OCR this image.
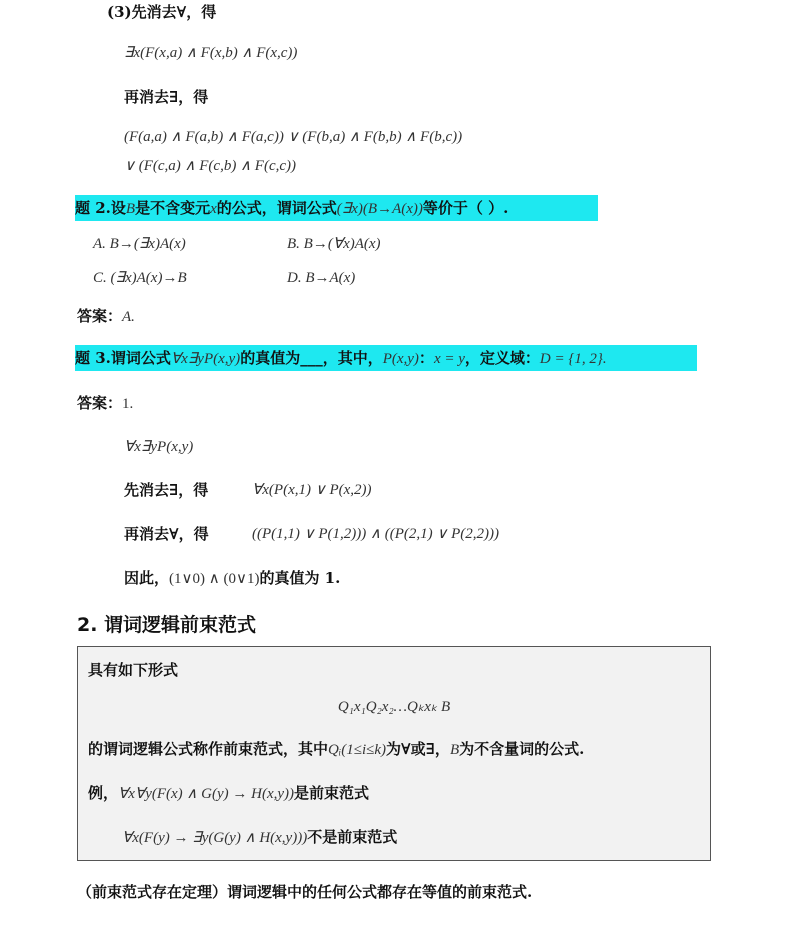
(3)先消去∀，得
∃x(F(x,a) ∧ F(x,b) ∧ F(x,c))
再消去∃，得
(F(a,a) ∧ F(a,b) ∧ F(a,c)) ∨ (F(b,a) ∧ F(b,b) ∧ F(b,c))
∨ (F(c,a) ∧ F(c,b) ∧ F(c,c))
题 2.设B是不含变元x的公式，谓词公式(∃x)(B→A(x))等价于（ ）.
A. B→(∃x)A(x)	B. B→(∀x)A(x)
C. (∃x)A(x)→B	D. B→A(x)
答案：A.
题 3.谓词公式∀x∃yP(x,y)的真值为___，其中，P(x,y)：x = y，定义域：D = {1, 2}.
答案：1.
∀x∃yP(x,y)
先消去∃，得	∀x(P(x,1) ∨ P(x,2))
再消去∀，得	((P(1,1) ∨ P(1,2))) ∧ ((P(2,1) ∨ P(2,2)))
因此，(1∨0) ∧ (0∨1)的真值为 1.
2. 谓词逻辑前束范式
具有如下形式
Q₁x₁Q₂x₂…Qₖxₖ B
的谓词逻辑公式称作前束范式，其中Qᵢ(1≤i≤k)为∀或∃，B为不含量词的公式.
例，∀x∀y(F(x) ∧ G(y) → H(x,y))是前束范式
∀x(F(y) → ∃y(G(y) ∧ H(x,y)))不是前束范式
（前束范式存在定理）谓词逻辑中的任何公式都存在等值的前束范式.
